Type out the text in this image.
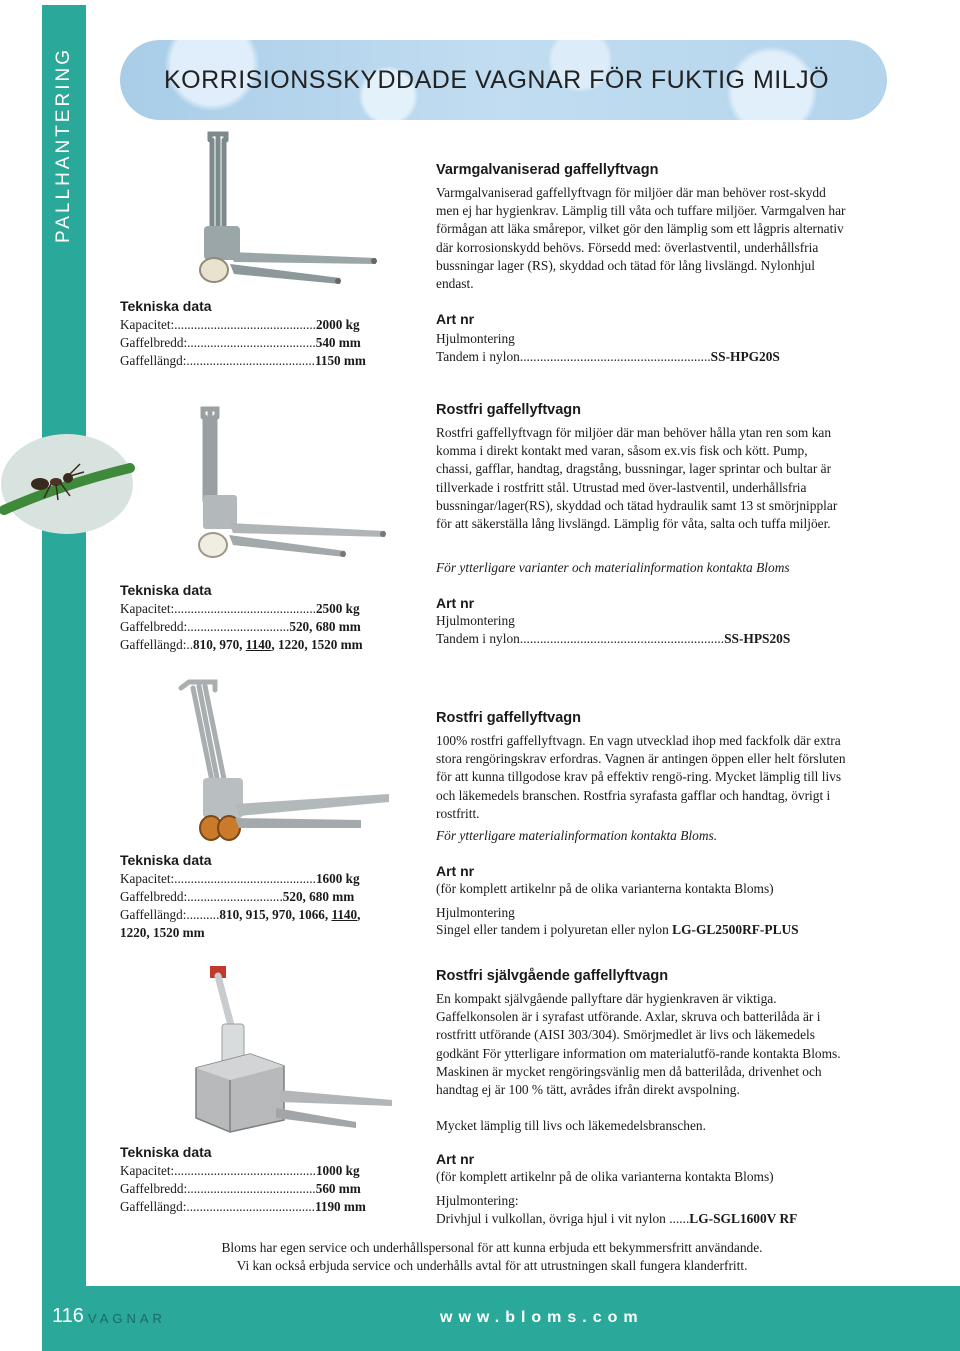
PALLHANTERING	KORRISIONSSKYDDADE VAGNAR FÖR FUKTIG MILJÖ
Varmgalvaniserad gaffellyftvagn
Varmgalvaniserad gaffellyftvagn för miljöer där man behöver rost-skydd men ej har hygienkrav. Lämplig till våta och tuffare miljöer. Varmgalven har förmågan att läka smårepor, vilket gör den lämplig som ett lågpris alternativ där korrosionskydd behövs. Försedd med: överlastventil, underhållsfria bussningar lager (RS), skyddad och tätad för lång livslängd. Nylonhjul endast.
Art nr
Hjulmontering
Tandem i nylon.........................................................SS-HPG20S
Tekniska data
Kapacitet:...........................................2000 kg
Gaffelbredd:.......................................540 mm
Gaffellängd:.......................................1150 mm
Rostfri gaffellyftvagn
Rostfri gaffellyftvagn för miljöer där man behöver hålla ytan ren som kan komma i direkt kontakt med varan, såsom ex.vis fisk och kött. Pump, chassi, gafflar, handtag, dragstång, bussningar, lager sprintar och bultar är tillverkade i rostfritt stål. Utrustad med över-lastventil, underhållsfria bussningar/lager(RS), skyddad och tätad hydraulik samt 13 st smörjnipplar för att säkerställa lång livslängd. Lämplig för våta, salta och tuffa miljöer.
För ytterligare varianter och materialinformation kontakta Bloms
Art nr
Hjulmontering
Tandem i nylon.............................................................SS-HPS20S
Tekniska data
Kapacitet:...........................................2500 kg
Gaffelbredd:...............................520, 680 mm
Gaffellängd:..810, 970, 1140, 1220, 1520 mm
Rostfri gaffellyftvagn
100% rostfri gaffellyftvagn. En vagn utvecklad ihop med fackfolk där extra stora rengöringskrav erfordras. Vagnen är antingen öppen eller helt försluten för att kunna tillgodose krav på effektiv rengö-ring. Mycket lämplig till livs och läkemedels branschen. Rostfria syrafasta gafflar och handtag, övrigt i rostfritt.
För ytterligare materialinformation kontakta Bloms.
Art nr
(för komplett artikelnr på de olika varianterna kontakta Bloms)
Hjulmontering
Singel eller tandem i polyuretan eller nylon LG-GL2500RF-PLUS
Tekniska data
Kapacitet:...........................................1600 kg
Gaffelbredd:.............................520, 680 mm
Gaffellängd:..........810, 915, 970, 1066, 1140,
1220, 1520 mm
Rostfri självgående gaffellyftvagn
En kompakt självgående pallyftare där hygienkraven är viktiga. Gaffelkonsolen är i syrafast utförande. Axlar, skruva och batterilåda är i rostfritt utförande (AISI 303/304). Smörjmedlet är livs och läkemedels godkänt För ytterligare information om materialutfö-rande kontakta Bloms. Maskinen är mycket rengöringsvänlig men då batterilåda, drivenhet och handtag ej är 100 % tätt, avrådes ifrån direkt avspolning.
Mycket lämplig till livs och läkemedelsbranschen.
Art nr
(för komplett artikelnr på de olika varianterna kontakta Bloms)
Hjulmontering:
Drivhjul i vulkollan, övriga hjul i vit nylon ......LG-SGL1600V RF
Tekniska data
Kapacitet:...........................................1000 kg
Gaffelbredd:.......................................560 mm
Gaffellängd:.......................................1190 mm
Bloms har egen service och underhållspersonal för att kunna erbjuda ett bekymmersfritt användande.
Vi kan också erbjuda service och underhålls avtal för att utrustningen skall fungera klanderfritt.
116 VAGNAR	www.bloms.com
